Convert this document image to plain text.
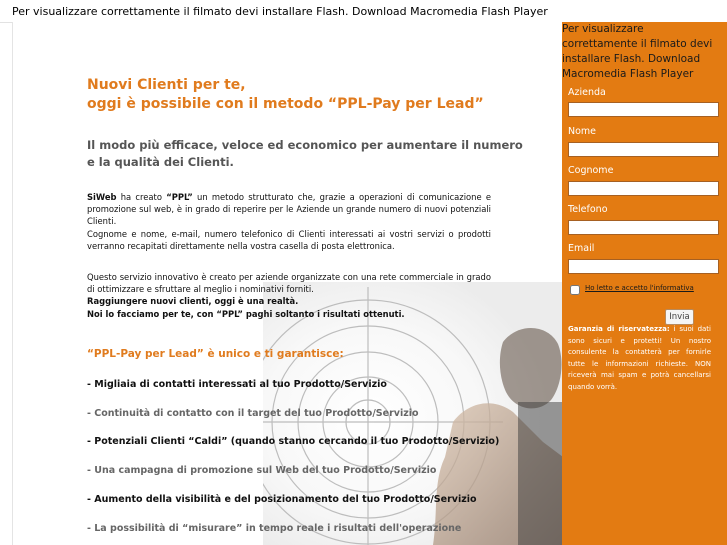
Per visualizzare correttamente il filmato devi installare Flash. Download Macromedia Flash Player
Nuovi Clienti per te,
oggi è possibile con il metodo “PPL-Pay per Lead”
Il modo più efficace, veloce ed economico per aumentare il numero
e la qualità dei Clienti.
SiWeb ha creato “PPL” un metodo strutturato che, grazie a operazioni di comunicazione e promozione sul web, è in grado di reperire per le Aziende un grande numero di nuovi potenziali Clienti.
Cognome e nome, e-mail, numero telefonico di Clienti interessati ai vostri servizi o prodotti verranno recapitati direttamente nella vostra casella di posta elettronica.
Questo servizio innovativo è creato per aziende organizzate con una rete commerciale in grado di ottimizzare e sfruttare al meglio i nominativi forniti.
Raggiungere nuovi clienti, oggi è una realtà.
Noi lo facciamo per te, con “PPL” paghi soltanto i risultati ottenuti.
“PPL-Pay per Lead” è unico e ti garantisce:
- Migliaia di contatti interessati al tuo Prodotto/Servizio
- Continuità di contatto con il target del tuo Prodotto/Servizio
- Potenziali Clienti “Caldi” (quando stanno cercando il tuo Prodotto/Servizio)
- Una campagna di promozione sul Web del tuo Prodotto/Servizio
- Aumento della visibilità e del posizionamento del tuo Prodotto/Servizio
- La possibilità di “misurare” in tempo reale i risultati dell'operazione
Per visualizzare correttamente il filmato devi installare Flash. Download Macromedia Flash Player
Azienda
Nome
Cognome
Telefono
Email
Ho letto e accetto l'informativa
Invia
Garanzia di riservatezza: i suoi dati sono sicuri e protetti! Un nostro consulente la contatterà per fornirle tutte le informazioni richieste. NON riceverà mai spam e potrà cancellarsi quando vorrà.
